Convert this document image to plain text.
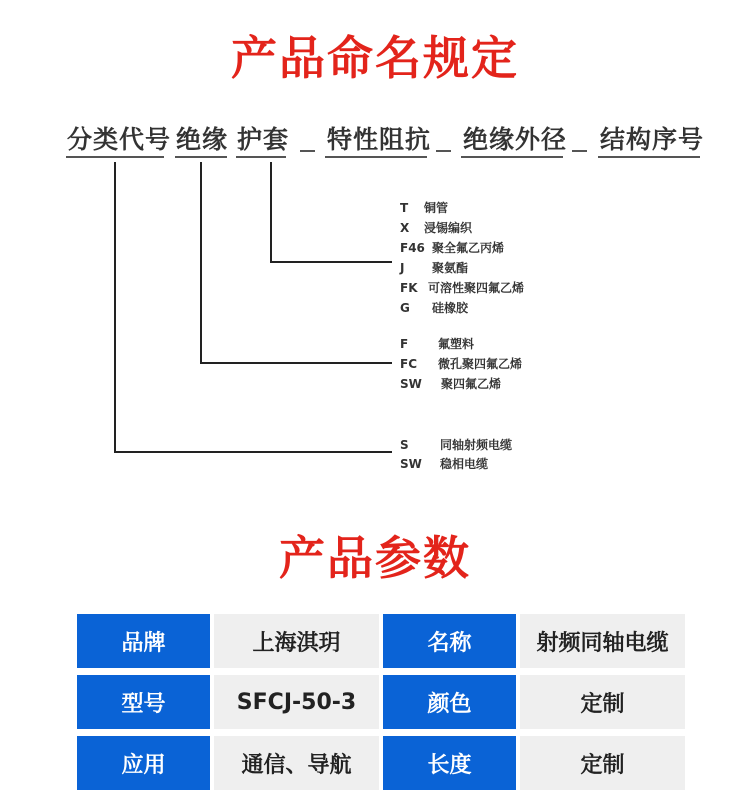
产品命名规定
分类代号 绝缘 护套 特性阻抗 绝缘外径 结构序号
T 铜管
X 浸锡编织
F46 聚全氟乙丙烯
J 聚氨酯
FK 可溶性聚四氟乙烯
G 硅橡胶
F 氟塑料
FC 微孔聚四氟乙烯
SW 聚四氟乙烯
S	同轴射频电缆
SW 稳相电缆
产品参数
品牌	上海淇玥	名称	射频同轴电缆
型号	SFCJ-50-3	颜色	定制
应用	通信、导航	长度	定制
